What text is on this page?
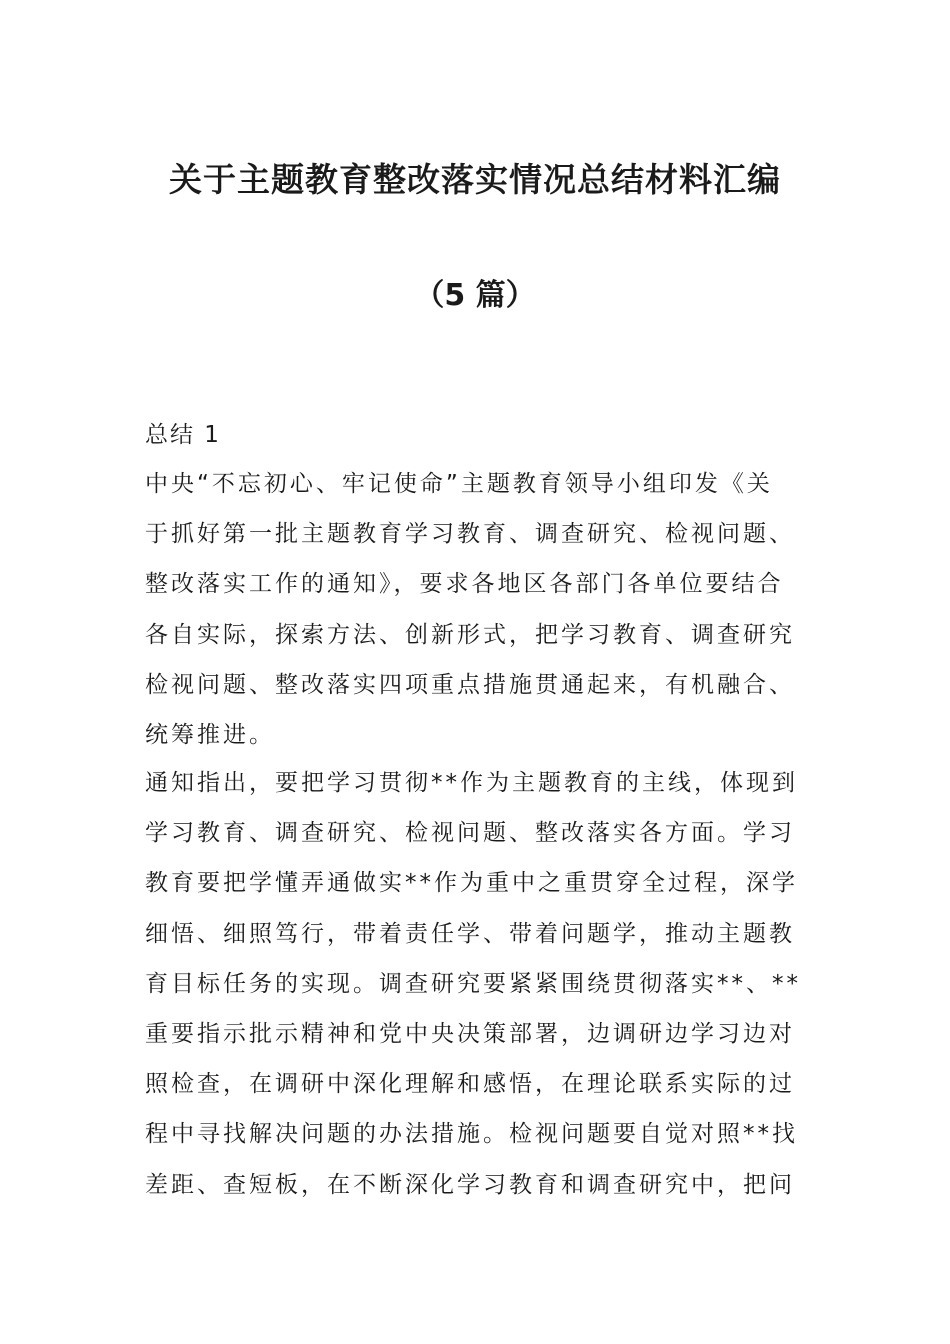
关于主题教育整改落实情况总结材料汇编
（5 篇）
总结 1
中央“不忘初心、牢记使命”主题教育领导小组印发《关
于抓好第一批主题教育学习教育、调查研究、检视问题、
整改落实工作的通知》，要求各地区各部门各单位要结合
各自实际，探索方法、创新形式，把学习教育、调查研究
检视问题、整改落实四项重点措施贯通起来，有机融合、
统筹推进。
通知指出，要把学习贯彻**作为主题教育的主线，体现到
学习教育、调查研究、检视问题、整改落实各方面。学习
教育要把学懂弄通做实**作为重中之重贯穿全过程，深学
细悟、细照笃行，带着责任学、带着问题学，推动主题教
育目标任务的实现。调查研究要紧紧围绕贯彻落实**、**
重要指示批示精神和党中央决策部署，边调研边学习边对
照检查，在调研中深化理解和感悟，在理论联系实际的过
程中寻找解决问题的办法措施。检视问题要自觉对照**找
差距、查短板，在不断深化学习教育和调查研究中，把问
